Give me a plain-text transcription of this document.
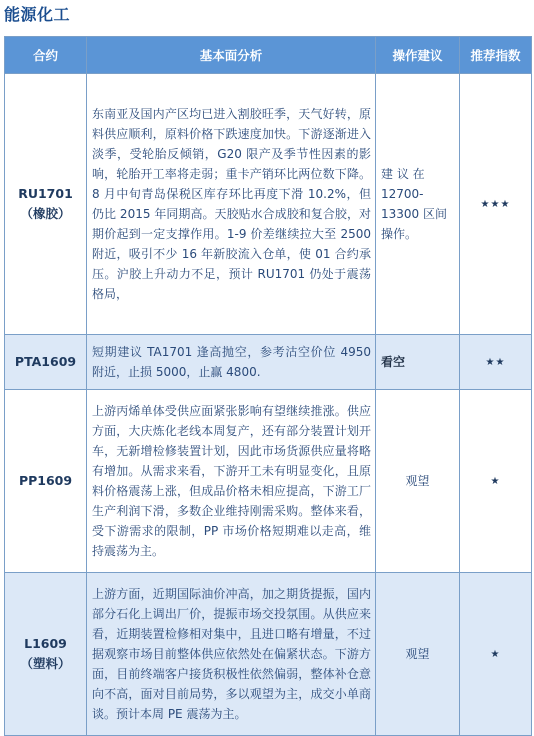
能源化工
合约	基本面分析	操作建议	推荐指数

RU1701
（橡胶）	东南亚及国内产区均已进入割胶旺季，天气好转，原料供应顺利，原料价格下跌速度加快。下游逐渐进入淡季，受轮胎反倾销，G20 限产及季节性因素的影响，轮胎开工率将走弱；重卡产销环比两位数下降。8 月中旬青岛保税区库存环比再度下滑 10.2%，但仍比 2015 年同期高。天胶贴水合成胶和复合胶，对期价起到一定支撑作用。1-9 价差继续拉大至 2500 附近，吸引不少 16 年新胶流入仓单，使 01 合约承压。沪胶上升动力不足，预计 RU1701 仍处于震荡格局，	建 议 在 12700-13300 区间操作。	★★★

PTA1609	短期建议 TA1701 逢高抛空，参考沽空价位 4950 附近，止损 5000，止赢 4800.	看空	★★

PP1609	上游丙烯单体受供应面紧张影响有望继续推涨。供应方面，大庆炼化老线本周复产，还有部分装置计划开车，无新增检修装置计划，因此市场货源供应量将略有增加。从需求来看，下游开工未有明显变化，且原料价格震荡上涨，但成品价格未相应提高，下游工厂生产利润下滑，多数企业维持刚需采购。整体来看，受下游需求的限制，PP 市场价格短期难以走高，维持震荡为主。	观望	★

L1609
（塑料）	上游方面，近期国际油价冲高，加之期货提振，国内部分石化上调出厂价，提振市场交投氛围。从供应来看，近期装置检修相对集中，且进口略有增量，不过据观察市场目前整体供应依然处在偏紧状态。下游方面，目前终端客户接货积极性依然偏弱，整体补仓意向不高，面对目前局势，多以观望为主，成交小单商谈。预计本周 PE 震荡为主。	观望	★
